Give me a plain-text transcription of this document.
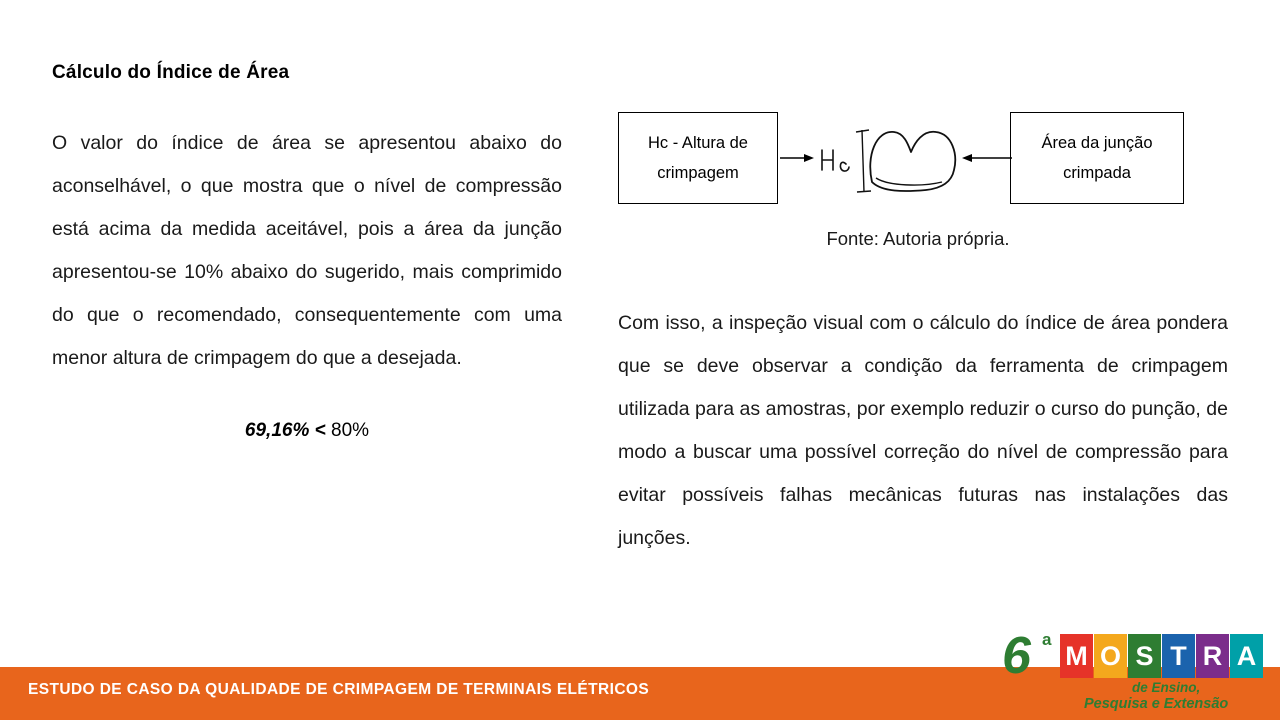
Cálculo do Índice de Área

O valor do índice de área se apresentou abaixo do aconselhável, o que mostra que o nível de compressão está acima da medida aceitável, pois a área da junção apresentou-se 10% abaixo do sugerido, mais comprimido do que o recomendado, consequentemente com uma menor altura de crimpagem do que a desejada.

69,16% < 80%
Hc - Altura de
crimpagem
Área da junção
crimpada
Fonte: Autoria própria.

Com isso, a inspeção visual com o cálculo do índice de área pondera que se deve observar a condição da ferramenta de crimpagem utilizada para as amostras, por exemplo reduzir o curso do punção, de modo a buscar uma possível correção do nível de compressão para evitar possíveis falhas mecânicas futuras nas instalações das junções.

ESTUDO DE CASO DA QUALIDADE DE CRIMPAGEM DE TERMINAIS ELÉTRICOS
6 a
M O S T R A
de Ensino,
Pesquisa e Extensão
